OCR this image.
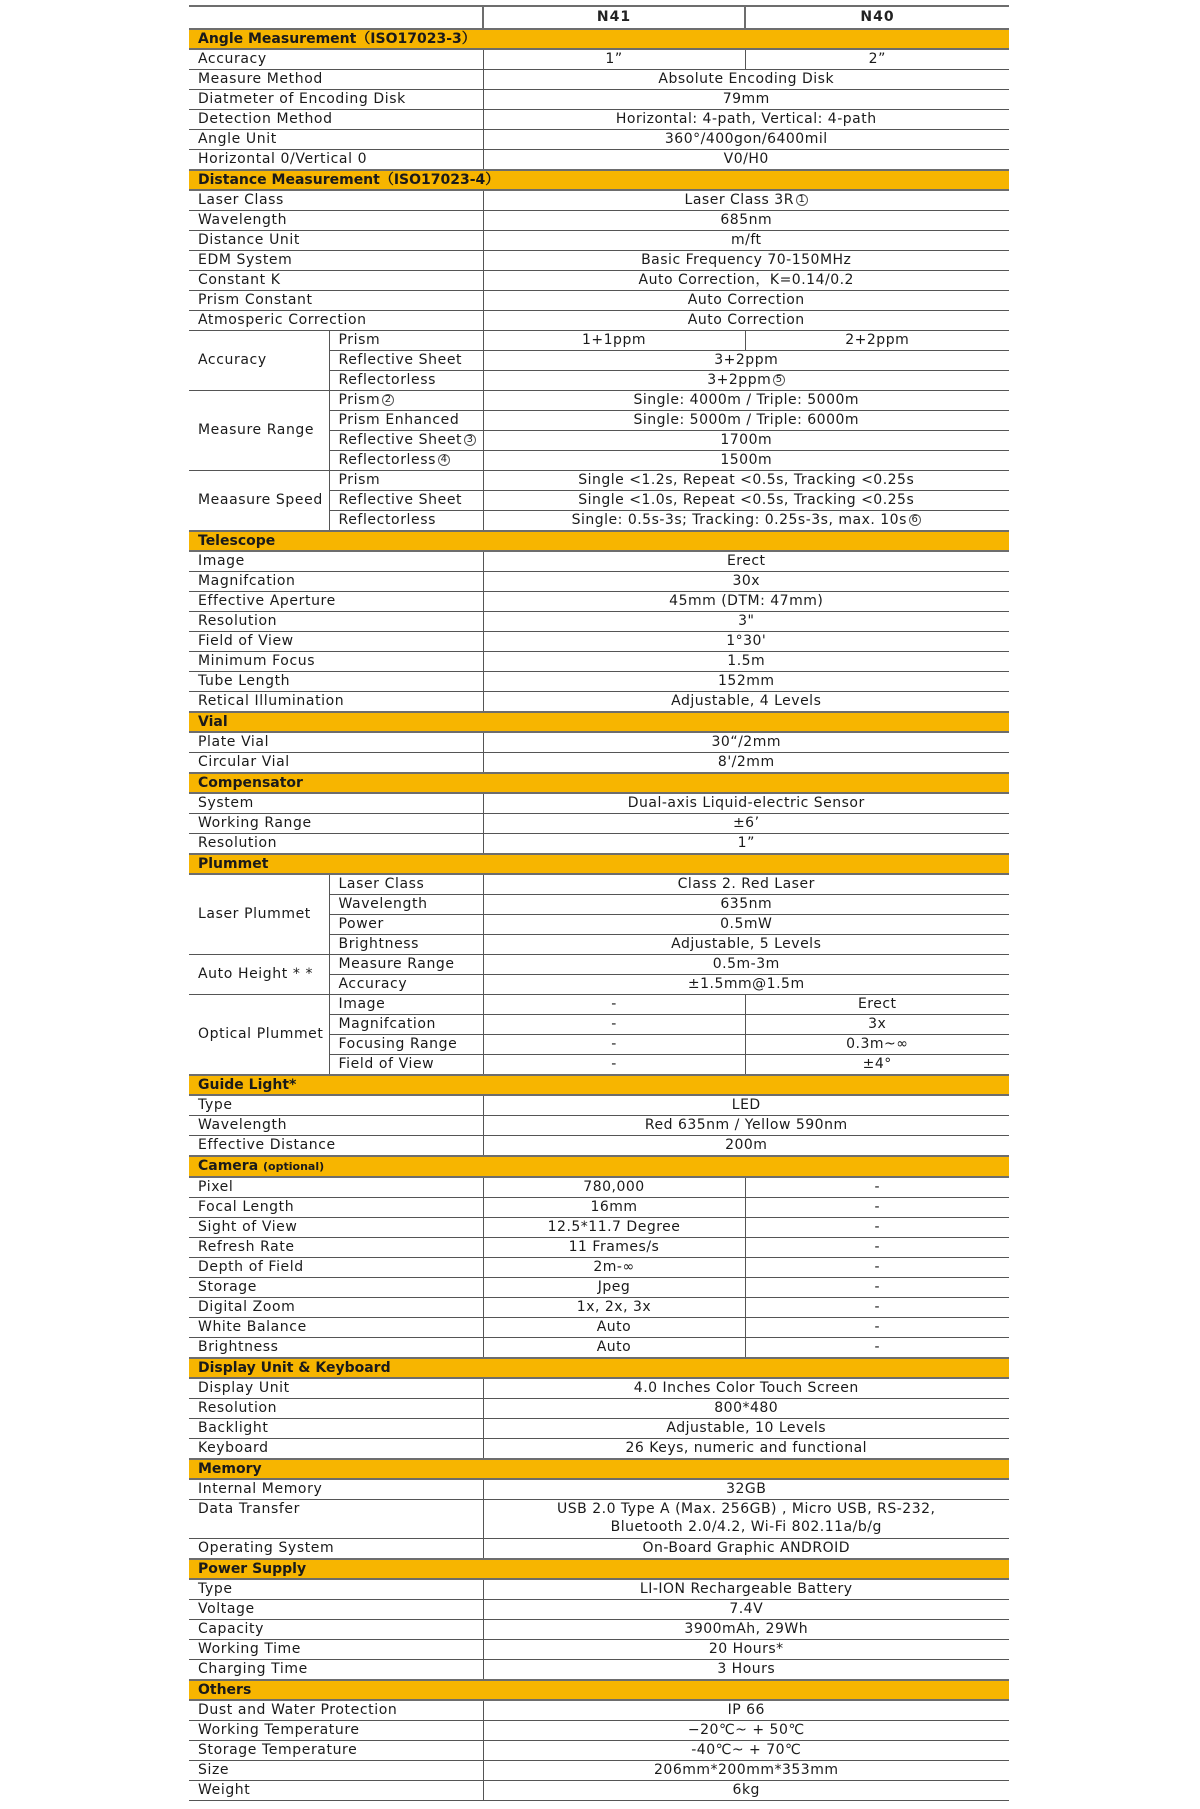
		N41	N40
Angle Measurement（ISO17023-3）			
Accuracy		1”	2”
Measure Method		Absolute Encoding Disk	
Diatmeter of Encoding Disk		79mm	
Detection Method		Horizontal: 4-path, Vertical: 4-path	
Angle Unit		360°/400gon/6400mil	
Horizontal 0/Vertical 0		V0/H0	
Distance Measurement（ISO17023-4）			
Laser Class		Laser Class 3R 1	
Wavelength		685nm	
Distance Unit		m/ft	
EDM System		Basic Frequency 70-150MHz	
Constant K		Auto Correction，K=0.14/0.2	
Prism Constant		Auto Correction	
Atmosperic Correction		Auto Correction	
Accuracy	Prism	1+1ppm	2+2ppm
	Reflective Sheet	3+2ppm	
	Reflectorless	3+2ppm 5	
Measure Range	Prism 2	Single: 4000m / Triple: 5000m	
	Prism Enhanced	Single: 5000m / Triple: 6000m	
	Reflective Sheet 3	1700m	
	Reflectorless 4	1500m	
Meaasure Speed	Prism	Single <1.2s, Repeat <0.5s, Tracking <0.25s	
	Reflective Sheet	Single <1.0s, Repeat <0.5s, Tracking <0.25s	
	Reflectorless	Single: 0.5s-3s; Tracking: 0.25s-3s, max. 10s 6	
Telescope			
Image		Erect	
Magnifcation		30x	
Effective Aperture		45mm (DTM: 47mm)	
Resolution		3"	
Field of View		1°30'	
Minimum Focus		1.5m	
Tube Length		152mm	
Retical Illumination		Adjustable, 4 Levels	
Vial			
Plate Vial		30“/2mm	
Circular Vial		8'/2mm	
Compensator			
System		Dual-axis Liquid-electric Sensor	
Working Range		±6’	
Resolution		1”	
Plummet			
Laser Plummet	Laser Class	Class 2. Red Laser	
	Wavelength	635nm	
	Power	0.5mW	
	Brightness	Adjustable, 5 Levels	
Auto Height * *	Measure Range	0.5m-3m	
	Accuracy	±1.5mm@1.5m	
Optical Plummet	Image	-	Erect
	Magnifcation	-	3x
	Focusing Range	-	0.3m~∞
	Field of View	-	±4°
Guide Light*			
Type		LED	
Wavelength		Red 635nm / Yellow 590nm	
Effective Distance		200m	
Camera (optional)			
Pixel		780,000	-
Focal Length		16mm	-
Sight of View		12.5*11.7 Degree	-
Refresh Rate		11 Frames/s	-
Depth of Field		2m-∞	-
Storage		Jpeg	-
Digital Zoom		1x, 2x, 3x	-
White Balance		Auto	-
Brightness		Auto	-
Display Unit & Keyboard			
Display Unit		4.0 Inches Color Touch Screen	
Resolution		800*480	
Backlight		Adjustable, 10 Levels	
Keyboard		26 Keys, numeric and functional	
Memory			
Internal Memory		32GB	
Data Transfer		USB 2.0 Type A (Max. 256GB) , Micro USB, RS-232,
Bluetooth 2.0/4.2, Wi-Fi 802.11a/b/g	

Operating System		On-Board Graphic ANDROID	
Power Supply			
Type		LI-ION Rechargeable Battery	
Voltage		7.4V	
Capacity		3900mAh, 29Wh	
Working Time		20 Hours*	
Charging Time		3 Hours	
Others			
Dust and Water Protection		IP 66	
Working Temperature		−20℃~ + 50℃	
Storage Temperature		-40℃~ + 70℃	
Size		206mm*200mm*353mm	
Weight		6kg	
